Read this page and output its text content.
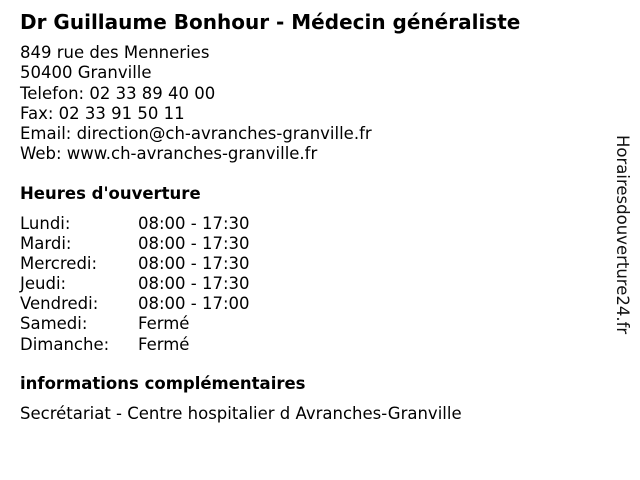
Dr Guillaume Bonhour - Médecin généraliste
849 rue des Menneries
50400 Granville
Telefon: 02 33 89 40 00
Fax: 02 33 91 50 11
Email: direction@ch-avranches-granville.fr
Web: www.ch-avranches-granville.fr
Heures d'ouverture
Lundi:	08:00 - 17:30
Mardi:	08:00 - 17:30
Mercredi:	08:00 - 17:30
Jeudi:	08:00 - 17:30
Vendredi:	08:00 - 17:00
Samedi:	Fermé
Dimanche:	Fermé
informations complémentaires
Secrétariat - Centre hospitalier d Avranches-Granville
Horairesdouverture24.fr
